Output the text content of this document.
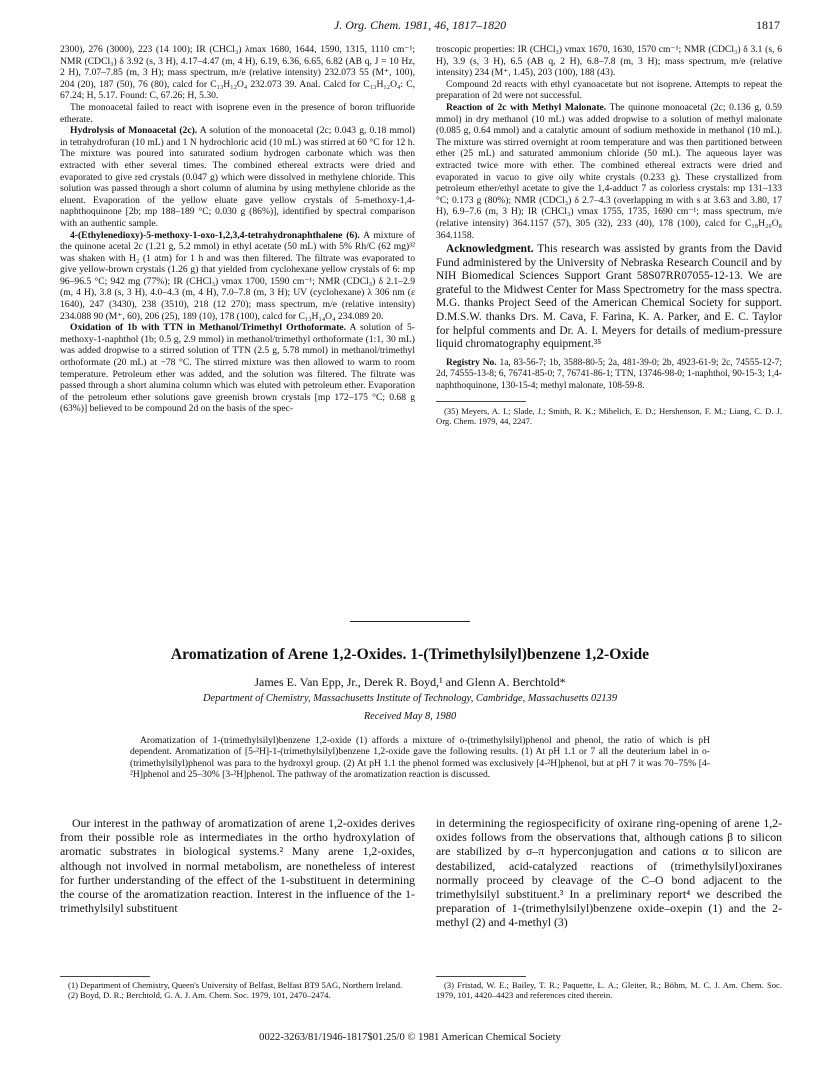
J. Org. Chem. 1981, 46, 1817–1820	1817

2300), 276 (3000), 223 (14 100); IR (CHCl₃) λmax 1680, 1644, 1590, 1315, 1110 cm⁻¹; NMR (CDCl₃) δ 3.92 (s, 3 H), 4.17–4.47 (m, 4 H), 6.19, 6.36, 6.65, 6.82 (AB q, J = 10 Hz, 2 H), 7.07–7.85 (m, 3 H); mass spectrum, m/e (relative intensity) 232.073 55 (M⁺, 100), 204 (20), 187 (50), 76 (80), calcd for C₁₃H₁₂O₄ 232.073 39. Anal. Calcd for C₁₃H₁₂O₄: C, 67.24; H, 5.17. Found: C, 67.26; H, 5.30.

The monoacetal failed to react with isoprene even in the presence of boron trifluoride etherate.

Hydrolysis of Monoacetal (2c). A solution of the monoacetal (2c; 0.043 g, 0.18 mmol) in tetrahydrofuran (10 mL) and 1 N hydrochloric acid (10 mL) was stirred at 60 °C for 12 h. The mixture was poured into saturated sodium hydrogen carbonate which was then extracted with ether several times. The combined ethereal extracts were dried and evaporated to give red crystals (0.047 g) which were dissolved in methylene chloride. This solution was passed through a short column of alumina by using methylene chloride as the eluent. Evaporation of the yellow eluate gave yellow crystals of 5-methoxy-1,4-naphthoquinone [2b; mp 188–189 °C; 0.030 g (86%)], identified by spectral comparison with an authentic sample.

4-(Ethylenedioxy)-5-methoxy-1-oxo-1,2,3,4-tetrahydronaphthalene (6). A mixture of the quinone acetal 2c (1.21 g, 5.2 mmol) in ethyl acetate (50 mL) with 5% Rh/C (62 mg)³² was shaken with H₂ (1 atm) for 1 h and was then filtered. The filtrate was evaporated to give yellow-brown crystals (1.26 g) that yielded from cyclohexane yellow crystals of 6: mp 96–96.5 °C; 942 mg (77%); IR (CHCl₃) νmax 1700, 1590 cm⁻¹; NMR (CDCl₃) δ 2.1–2.9 (m, 4 H), 3.8 (s, 3 H), 4.0–4.3 (m, 4 H), 7.0–7.8 (m, 3 H); UV (cyclohexane) λ 306 nm (ε 1640), 247 (3430), 238 (3510), 218 (12 270); mass spectrum, m/e (relative intensity) 234.088 90 (M⁺, 60), 206 (25), 189 (10), 178 (100), calcd for C₁₃H₁₄O₄ 234.089 20.

Oxidation of 1b with TTN in Methanol/Trimethyl Orthoformate. A solution of 5-methoxy-1-naphthol (1b; 0.5 g, 2.9 mmol) in methanol/trimethyl orthoformate (1:1, 30 mL) was added dropwise to a stirred solution of TTN (2.5 g, 5.78 mmol) in methanol/trimethyl orthoformate (20 mL) at −78 °C. The stirred mixture was then allowed to warm to room temperature. Petroleum ether was added, and the solution was filtered. The filtrate was passed through a short alumina column which was eluted with petroleum ether. Evaporation of the petroleum ether solutions gave greenish brown crystals [mp 172–175 °C; 0.68 g (63%)] believed to be compound 2d on the basis of the spec-

troscopic properties: IR (CHCl₃) νmax 1670, 1630, 1570 cm⁻¹; NMR (CDCl₃) δ 3.1 (s, 6 H), 3.9 (s, 3 H), 6.5 (AB q, 2 H), 6.8–7.8 (m, 3 H); mass spectrum, m/e (relative intensity) 234 (M⁺, 1.45), 203 (100), 188 (43).

Compound 2d reacts with ethyl cyanoacetate but not isoprene. Attempts to repeat the preparation of 2d were not successful.

Reaction of 2c with Methyl Malonate. The quinone monoacetal (2c; 0.136 g, 0.59 mmol) in dry methanol (10 mL) was added dropwise to a solution of methyl malonate (0.085 g, 0.64 mmol) and a catalytic amount of sodium methoxide in methanol (10 mL). The mixture was stirred overnight at room temperature and was then partitioned between ether (25 mL) and saturated ammonium chloride (50 mL). The aqueous layer was extracted twice more with ether. The combined ethereal extracts were dried and evaporated in vacuo to give oily white crystals (0.233 g). These crystallized from petroleum ether/ethyl acetate to give the 1,4-adduct 7 as colorless crystals: mp 131–133 °C; 0.173 g (80%); NMR (CDCl₃) δ 2.7–4.3 (overlapping m with s at 3.63 and 3.80, 17 H), 6.9–7.6 (m, 3 H); IR (CHCl₃) νmax 1755, 1735, 1690 cm⁻¹; mass spectrum, m/e (relative intensity) 364.1157 (57), 305 (32), 233 (40), 178 (100), calcd for C₁₈H₂₀O₈ 364.1158.

Acknowledgment. This research was assisted by grants from the David Fund administered by the University of Nebraska Research Council and by NIH Biomedical Sciences Support Grant 58S07RR07055-12-13. We are grateful to the Midwest Center for Mass Spectrometry for the mass spectra. M.G. thanks Project Seed of the American Chemical Society for support. D.M.S.W. thanks Drs. M. Cava, F. Farina, K. A. Parker, and E. C. Taylor for helpful comments and Dr. A. I. Meyers for details of medium-pressure liquid chromatography equipment.³⁵

Registry No. 1a, 83-56-7; 1b, 3588-80-5; 2a, 481-39-0; 2b, 4923-61-9; 2c, 74555-12-7; 2d, 74555-13-8; 6, 76741-85-0; 7, 76741-86-1; TTN, 13746-98-0; 1-naphthol, 90-15-3; 1,4-naphthoquinone, 130-15-4; methyl malonate, 108-59-8.

(35) Meyers, A. I.; Slade, J.; Smith, R. K.; Mihelich, E. D.; Hershenson, F. M.; Liang, C. D. J. Org. Chem. 1979, 44, 2247.

Aromatization of Arene 1,2-Oxides. 1-(Trimethylsilyl)benzene 1,2-Oxide
James E. Van Epp, Jr., Derek R. Boyd,¹ and Glenn A. Berchtold*
Department of Chemistry, Massachusetts Institute of Technology, Cambridge, Massachusetts 02139
Received May 8, 1980

Aromatization of 1-(trimethylsilyl)benzene 1,2-oxide (1) affords a mixture of o-(trimethylsilyl)phenol and phenol, the ratio of which is pH dependent. Aromatization of [5-²H]-1-(trimethylsilyl)benzene 1,2-oxide gave the following results. (1) At pH 1.1 or 7 all the deuterium label in o-(trimethylsilyl)phenol was para to the hydroxyl group. (2) At pH 1.1 the phenol formed was exclusively [4-²H]phenol, but at pH 7 it was 70–75% [4-²H]phenol and 25–30% [3-²H]phenol. The pathway of the aromatization reaction is discussed.

Our interest in the pathway of aromatization of arene 1,2-oxides derives from their possible role as intermediates in the ortho hydroxylation of aromatic substrates in biological systems.² Many arene 1,2-oxides, although not involved in normal metabolism, are nonetheless of interest for further understanding of the effect of the 1-substituent in determining the course of the aromatization reaction. Interest in the influence of the 1-trimethylsilyl substituent

in determining the regiospecificity of oxirane ring-opening of arene 1,2-oxides follows from the observations that, although cations β to silicon are stabilized by σ–π hyperconjugation and cations α to silicon are destabilized, acid-catalyzed reactions of (trimethylsilyl)oxiranes normally proceed by cleavage of the C–O bond adjacent to the trimethylsilyl substituent.³ In a preliminary report⁴ we described the preparation of 1-(trimethylsilyl)benzene oxide–oxepin (1) and the 2-methyl (2) and 4-methyl (3)

(1) Department of Chemistry, Queen's University of Belfast, Belfast BT9 5AG, Northern Ireland.

(2) Boyd, D. R.; Berchtold, G. A. J. Am. Chem. Soc. 1979, 101, 2470–2474.

(3) Fristad, W. E.; Bailey, T. R.; Paquette, L. A.; Gleiter, R.; Böhm, M. C. J. Am. Chem. Soc. 1979, 101, 4420–4423 and references cited therein.

0022-3263/81/1946-1817$01.25/0 © 1981 American Chemical Society
